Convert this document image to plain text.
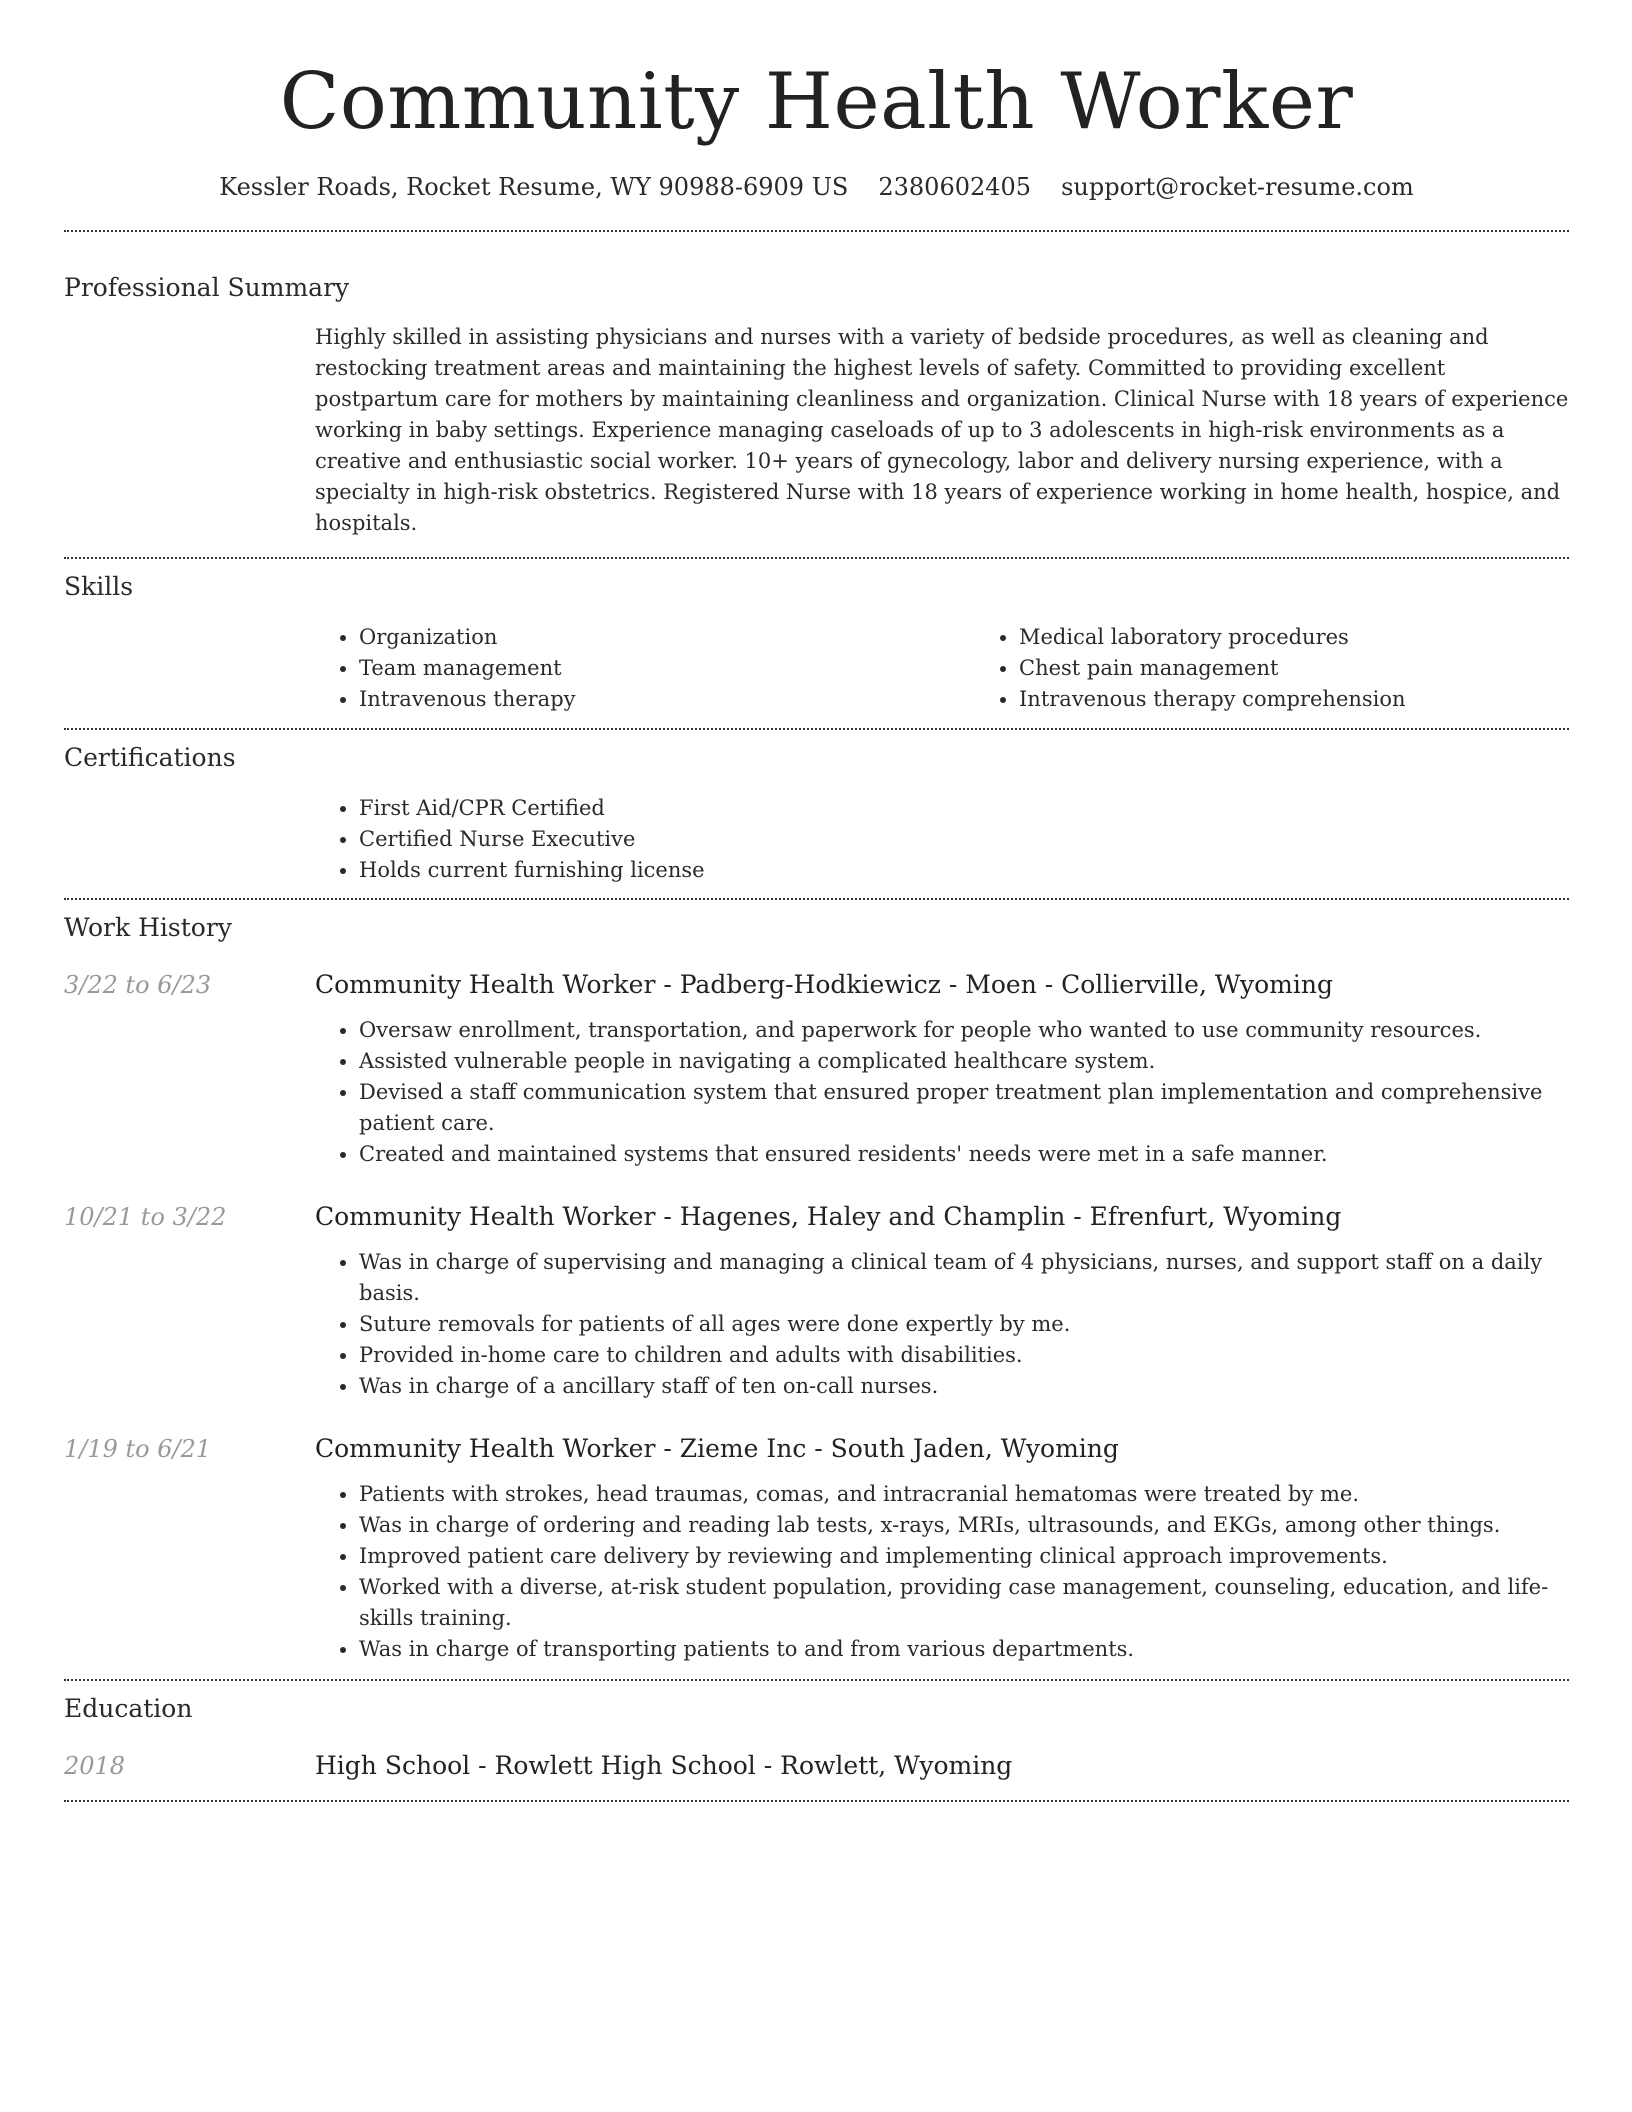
Community Health Worker
Kessler Roads, Rocket Resume, WY 90988-6909 US 2380602405 support@rocket-resume.com
Professional Summary
Highly skilled in assisting physicians and nurses with a variety of bedside procedures, as well as cleaning and restocking treatment areas and maintaining the highest levels of safety. Committed to providing excellent postpartum care for mothers by maintaining cleanliness and organization. Clinical Nurse with 18 years of experience working in baby settings. Experience managing caseloads of up to 3 adolescents in high-risk environments as a creative and enthusiastic social worker. 10+ years of gynecology, labor and delivery nursing experience, with a specialty in high-risk obstetrics. Registered Nurse with 18 years of experience working in home health, hospice, and hospitals.
Skills
• Organization
• Team management
• Intravenous therapy
• Medical laboratory procedures
• Chest pain management
• Intravenous therapy comprehension
Certifications
• First Aid/CPR Certified
• Certified Nurse Executive
• Holds current furnishing license
Work History
3/22 to 6/23	Community Health Worker - Padberg-Hodkiewicz - Moen - Collierville, Wyoming
• Oversaw enrollment, transportation, and paperwork for people who wanted to use community resources.
• Assisted vulnerable people in navigating a complicated healthcare system.
• Devised a staff communication system that ensured proper treatment plan implementation and comprehensive patient care.
• Created and maintained systems that ensured residents' needs were met in a safe manner.
10/21 to 3/22	Community Health Worker - Hagenes, Haley and Champlin - Efrenfurt, Wyoming
• Was in charge of supervising and managing a clinical team of 4 physicians, nurses, and support staff on a daily basis.
• Suture removals for patients of all ages were done expertly by me.
• Provided in-home care to children and adults with disabilities.
• Was in charge of a ancillary staff of ten on-call nurses.
1/19 to 6/21	Community Health Worker - Zieme Inc - South Jaden, Wyoming
• Patients with strokes, head traumas, comas, and intracranial hematomas were treated by me.
• Was in charge of ordering and reading lab tests, x-rays, MRIs, ultrasounds, and EKGs, among other things.
• Improved patient care delivery by reviewing and implementing clinical approach improvements.
• Worked with a diverse, at-risk student population, providing case management, counseling, education, and life-skills training.
• Was in charge of transporting patients to and from various departments.
Education
2018	High School - Rowlett High School - Rowlett, Wyoming
